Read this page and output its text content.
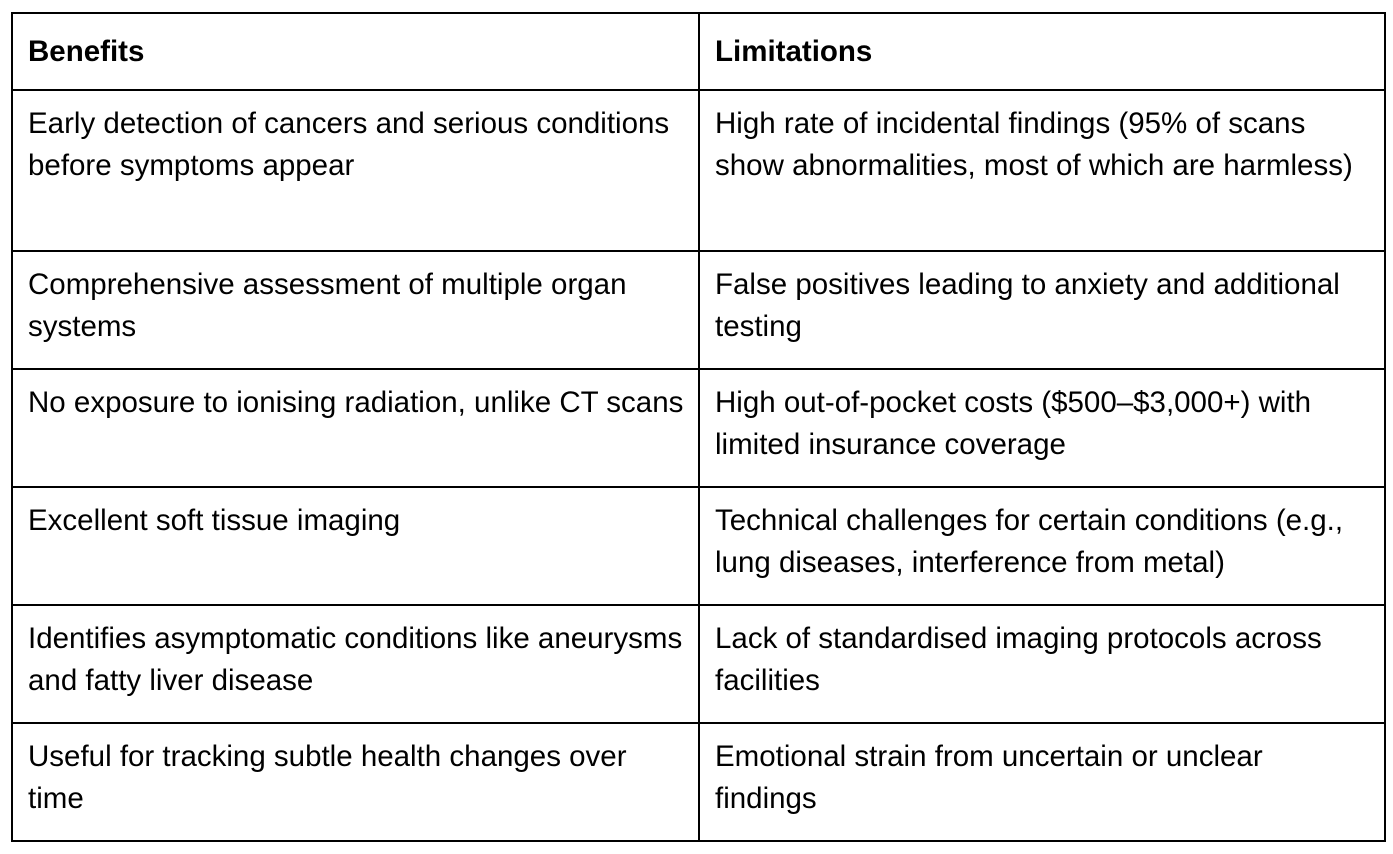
Benefits	Limitations
Early detection of cancers and serious conditions before symptoms appear	High rate of incidental findings (95% of scans show abnormalities, most of which are harmless)
Comprehensive assessment of multiple organ systems	False positives leading to anxiety and additional testing
No exposure to ionising radiation, unlike CT scans	High out-of-pocket costs ($500–$3,000+) with limited insurance coverage
Excellent soft tissue imaging	Technical challenges for certain conditions (e.g., lung diseases, interference from metal)
Identifies asymptomatic conditions like aneurysms and fatty liver disease	Lack of standardised imaging protocols across facilities
Useful for tracking subtle health changes over time	Emotional strain from uncertain or unclear findings
